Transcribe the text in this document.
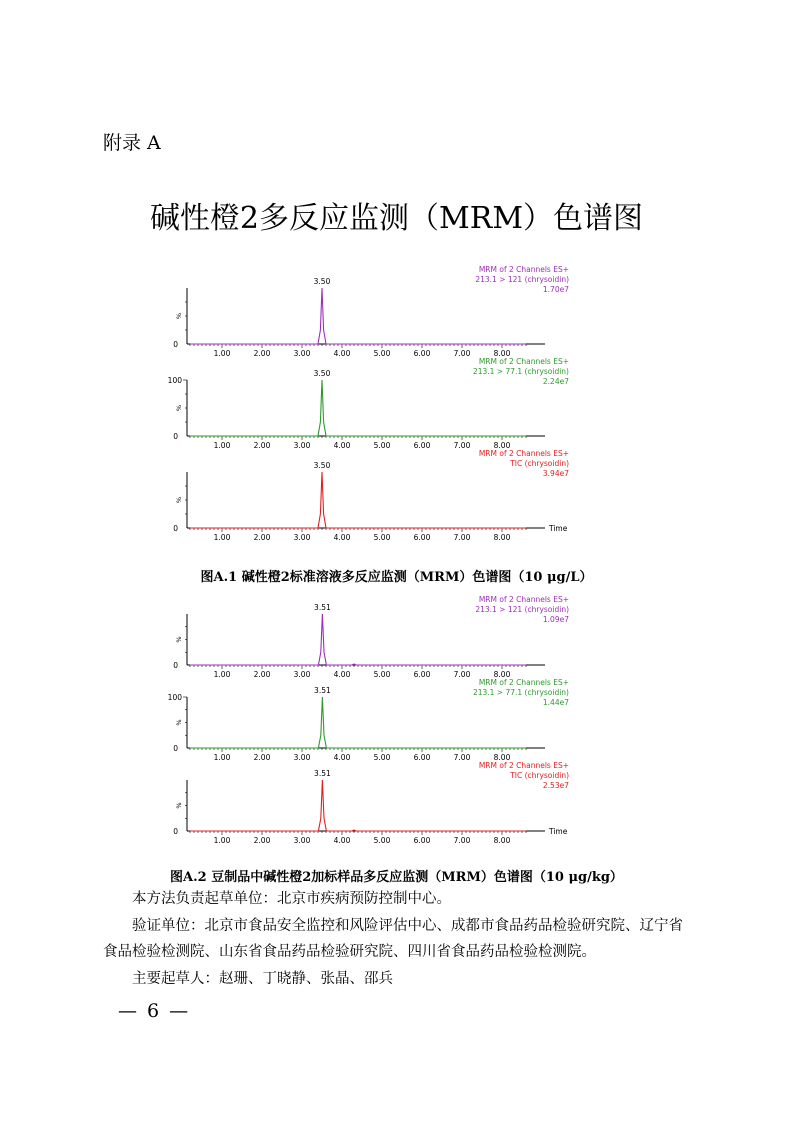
附录 A
碱性橙2多反应监测（MRM）色谱图
1.00	2.00	3.00	4.00	5.00	6.00	7.00	8.00
0
%
3.50
MRM of 2 Channels ES+
213.1 > 121 (chrysoidin)
1.70e7
1.00	2.00	3.00	4.00	5.00	6.00	7.00	8.00
0
100
%
3.50
MRM of 2 Channels ES+
213.1 > 77.1 (chrysoidin)
2.24e7
1.00	2.00	3.00	4.00	5.00	6.00	7.00	8.00
0
%
3.50
MRM of 2 Channels ES+
TIC (chrysoidin)
3.94e7
Time
图A.1 碱性橙2标准溶液多反应监测（MRM）色谱图（10 μg/L）
1.00	2.00	3.00	4.00	5.00	6.00	7.00	8.00
0
%
3.51
MRM of 2 Channels ES+
213.1 > 121 (chrysoidin)
1.09e7
1.00	2.00	3.00	4.00	5.00	6.00	7.00	8.00
0
100
%
3.51
MRM of 2 Channels ES+
213.1 > 77.1 (chrysoidin)
1.44e7
1.00	2.00	3.00	4.00	5.00	6.00	7.00	8.00
0
%
3.51
MRM of 2 Channels ES+
TIC (chrysoidin)
2.53e7
Time
图A.2 豆制品中碱性橙2加标样品多反应监测（MRM）色谱图（10 μg/kg）
本方法负责起草单位：北京市疾病预防控制中心。
验证单位：北京市食品安全监控和风险评估中心、成都市食品药品检验研究院、辽宁省食品检验检测院、山东省食品药品检验研究院、四川省食品药品检验检测院。
主要起草人：赵珊、丁晓静、张晶、邵兵
— 6 —
